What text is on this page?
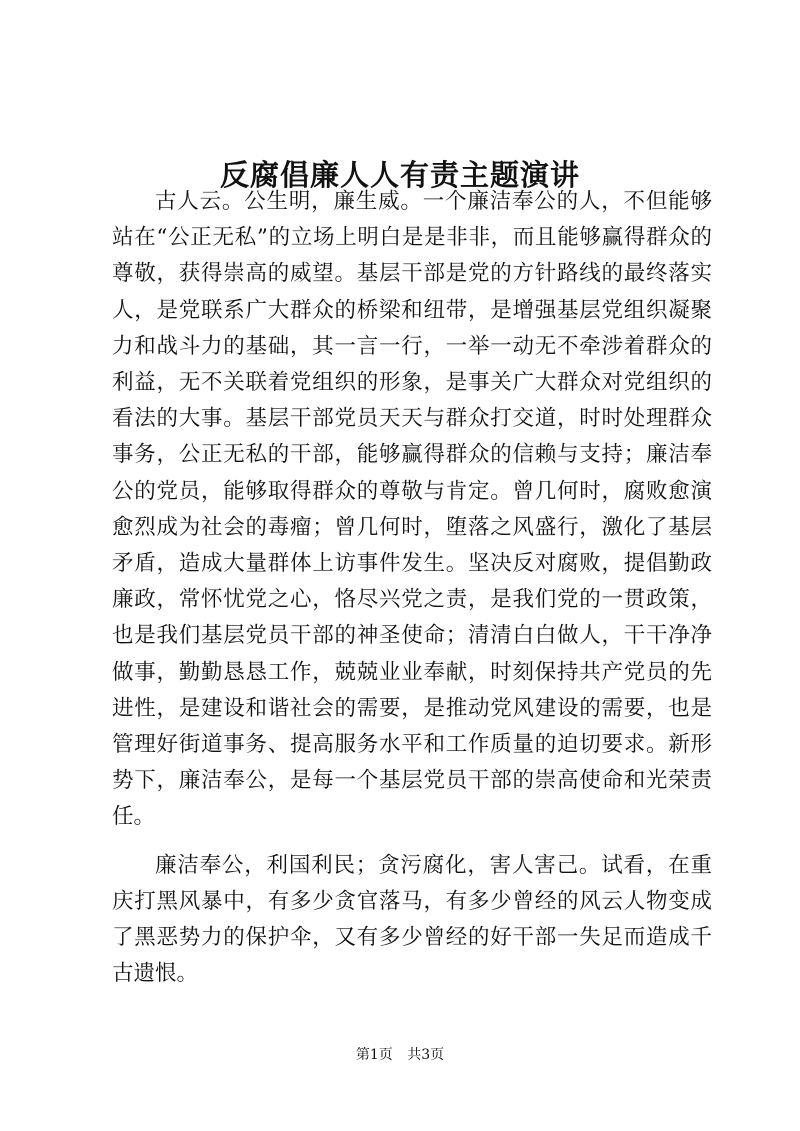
反腐倡廉人人有责主题演讲

古人云。公生明，廉生威。一个廉洁奉公的人，不但能够站在“公正无私”的立场上明白是是非非，而且能够赢得群众的尊敬，获得崇高的威望。基层干部是党的方针路线的最终落实人，是党联系广大群众的桥梁和纽带，是增强基层党组织凝聚力和战斗力的基础，其一言一行，一举一动无不牵涉着群众的利益，无不关联着党组织的形象，是事关广大群众对党组织的看法的大事。基层干部党员天天与群众打交道，时时处理群众事务，公正无私的干部，能够赢得群众的信赖与支持；廉洁奉公的党员，能够取得群众的尊敬与肯定。曾几何时，腐败愈演愈烈成为社会的毒瘤；曾几何时，堕落之风盛行，激化了基层矛盾，造成大量群体上访事件发生。坚决反对腐败，提倡勤政廉政，常怀忧党之心，恪尽兴党之责，是我们党的一贯政策，也是我们基层党员干部的神圣使命；清清白白做人，干干净净做事，勤勤恳恳工作，兢兢业业奉献，时刻保持共产党员的先进性，是建设和谐社会的需要，是推动党风建设的需要，也是管理好街道事务、提高服务水平和工作质量的迫切要求。新形势下，廉洁奉公，是每一个基层党员干部的崇高使命和光荣责任。

廉洁奉公，利国利民；贪污腐化，害人害己。试看，在重庆打黑风暴中，有多少贪官落马，有多少曾经的风云人物变成了黑恶势力的保护伞，又有多少曾经的好干部一失足而造成千古遗恨。

第1页 共3页
